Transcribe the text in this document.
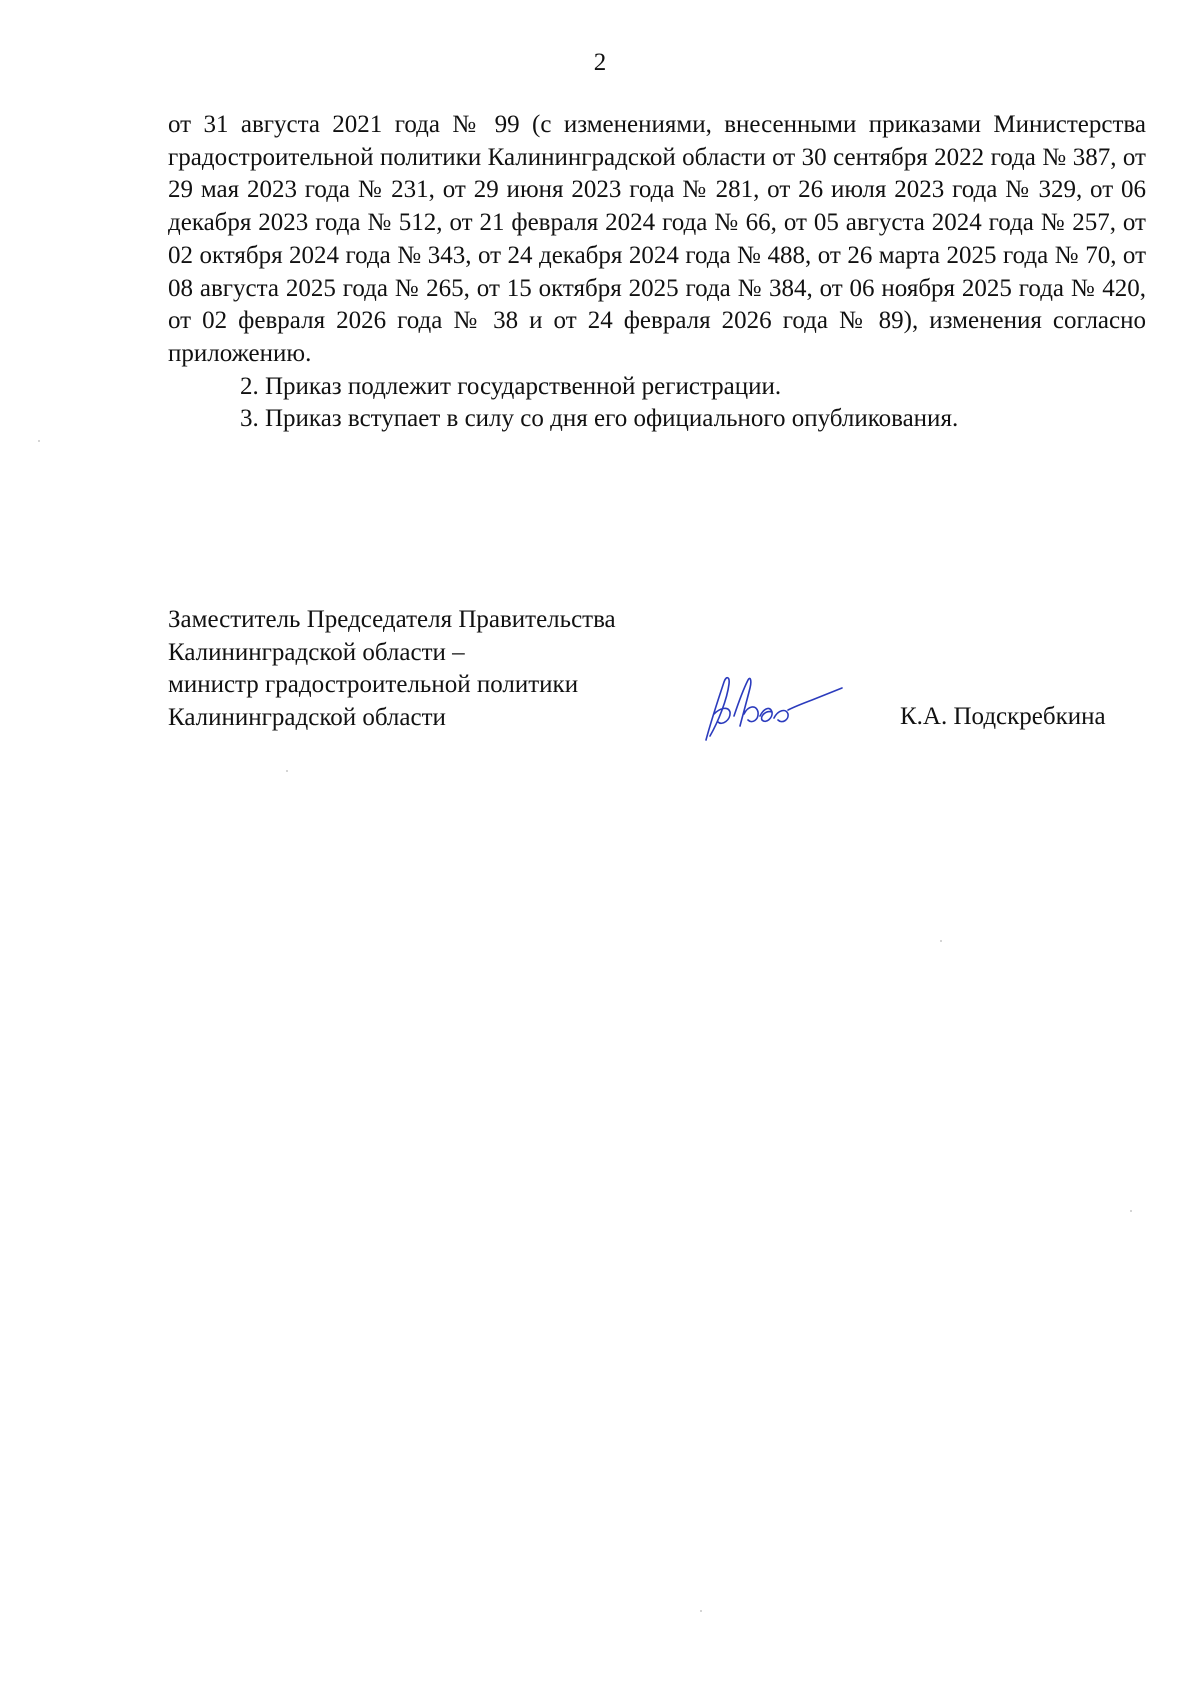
2

от 31 августа 2021 года № 99 (с изменениями, внесенными приказами Министерства градостроительной политики Калининградской области от 30 сентября 2022 года № 387, от 29 мая 2023 года № 231, от 29 июня 2023 года № 281, от 26 июля 2023 года № 329, от 06 декабря 2023 года № 512, от 21 февраля 2024 года № 66, от 05 августа 2024 года № 257, от 02 октября 2024 года № 343, от 24 декабря 2024 года № 488, от 26 марта 2025 года № 70, от 08 августа 2025 года № 265, от 15 октября 2025 года № 384, от 06 ноября 2025 года № 420, от 02 февраля 2026 года № 38 и от 24 февраля 2026 года № 89), изменения согласно приложению.

2. Приказ подлежит государственной регистрации.

3. Приказ вступает в силу со дня его официального опубликования.

Заместитель Председателя Правительства
Калининградской области –
министр градостроительной политики
Калининградской области	К.А. Подскребкина
